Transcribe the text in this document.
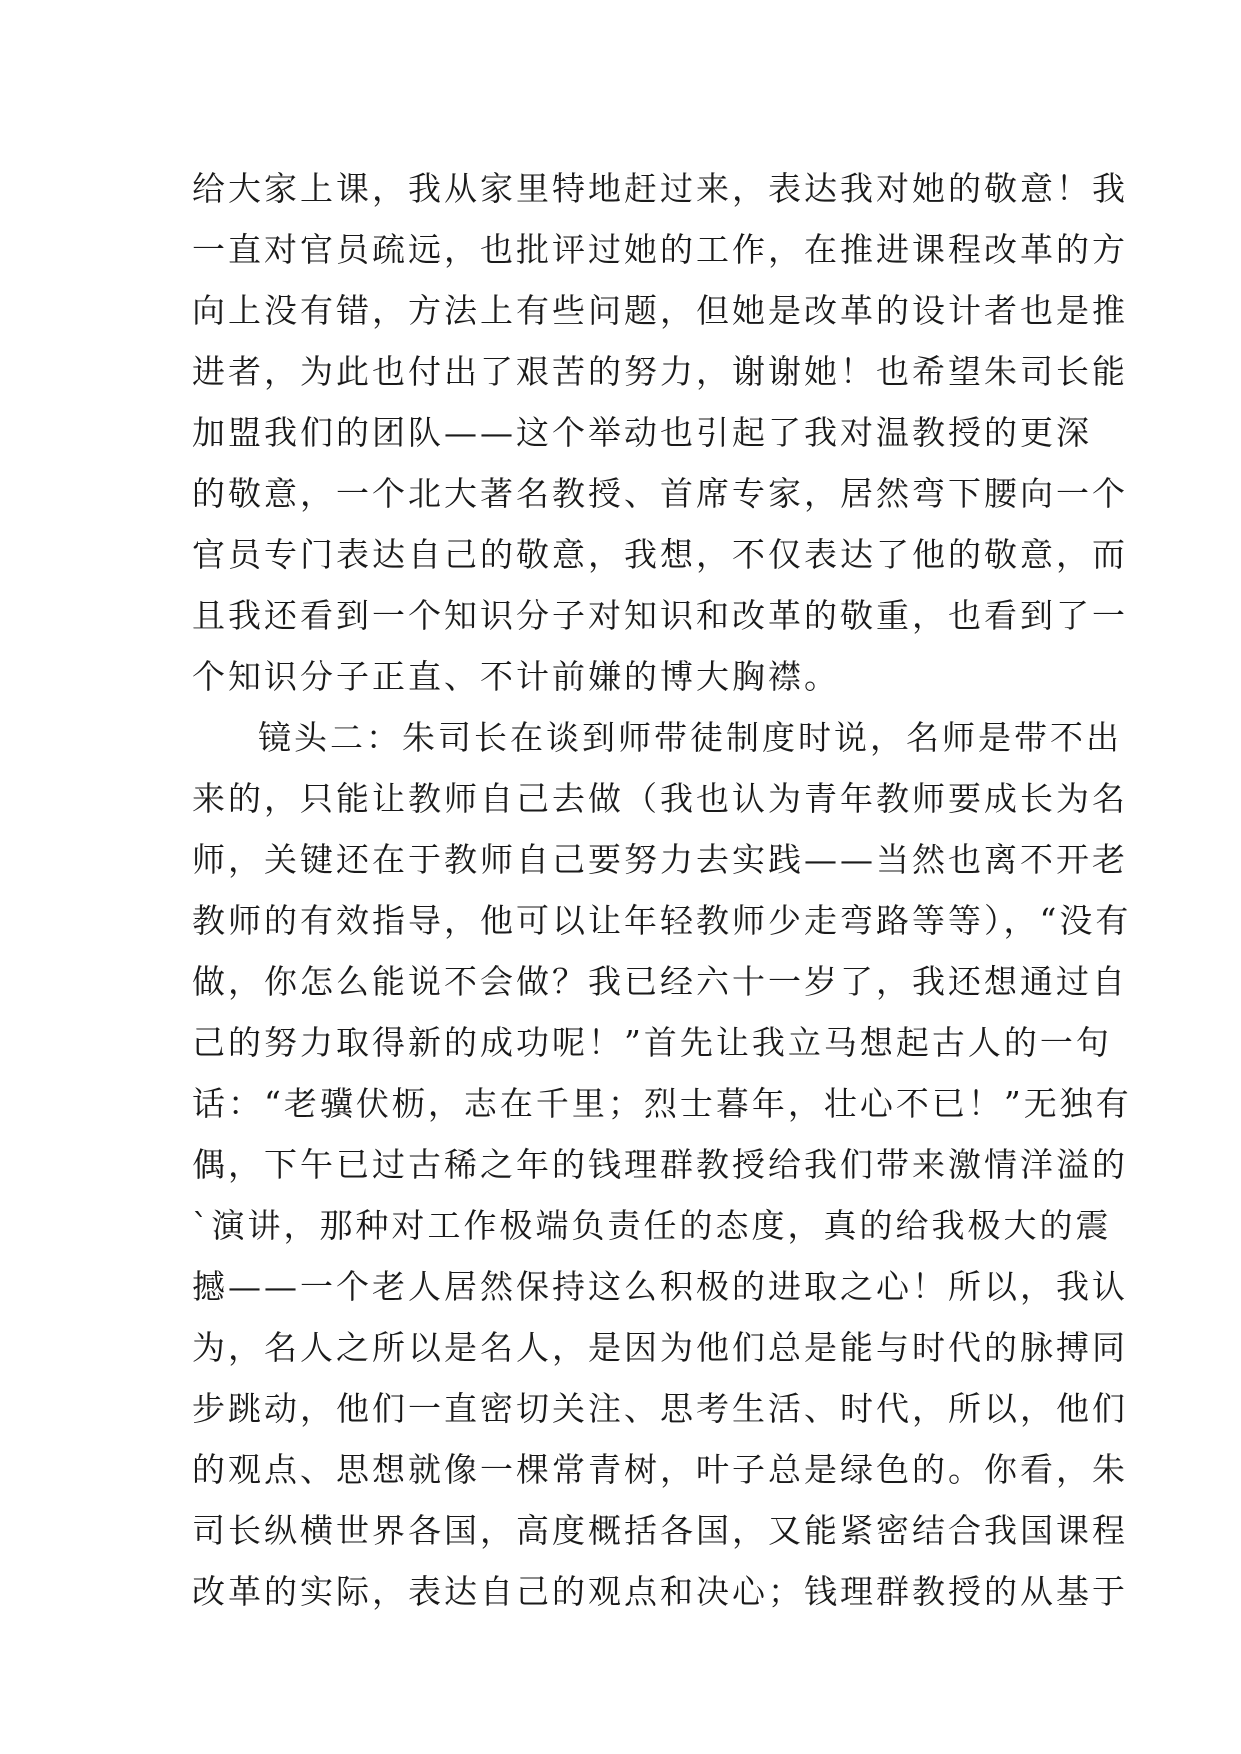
给大家上课，我从家里特地赶过来，表达我对她的敬意！我
一直对官员疏远，也批评过她的工作，在推进课程改革的方
向上没有错，方法上有些问题，但她是改革的设计者也是推
进者，为此也付出了艰苦的努力，谢谢她！也希望朱司长能
加盟我们的团队——这个举动也引起了我对温教授的更深
的敬意，一个北大著名教授、首席专家，居然弯下腰向一个
官员专门表达自己的敬意，我想，不仅表达了他的敬意，而
且我还看到一个知识分子对知识和改革的敬重，也看到了一
个知识分子正直、不计前嫌的博大胸襟。
镜头二：朱司长在谈到师带徒制度时说，名师是带不出
来的，只能让教师自己去做（我也认为青年教师要成长为名
师，关键还在于教师自己要努力去实践——当然也离不开老
教师的有效指导，他可以让年轻教师少走弯路等等），“没有
做，你怎么能说不会做？我已经六十一岁了，我还想通过自
己的努力取得新的成功呢！”首先让我立马想起古人的一句
话：“老骥伏枥，志在千里；烈士暮年，壮心不已！”无独有
偶，下午已过古稀之年的钱理群教授给我们带来激情洋溢的
`演讲，那种对工作极端负责任的态度，真的给我极大的震
撼——一个老人居然保持这么积极的进取之心！所以，我认
为，名人之所以是名人，是因为他们总是能与时代的脉搏同
步跳动，他们一直密切关注、思考生活、时代，所以，他们
的观点、思想就像一棵常青树，叶子总是绿色的。你看，朱
司长纵横世界各国，高度概括各国，又能紧密结合我国课程
改革的实际，表达自己的观点和决心；钱理群教授的从基于
